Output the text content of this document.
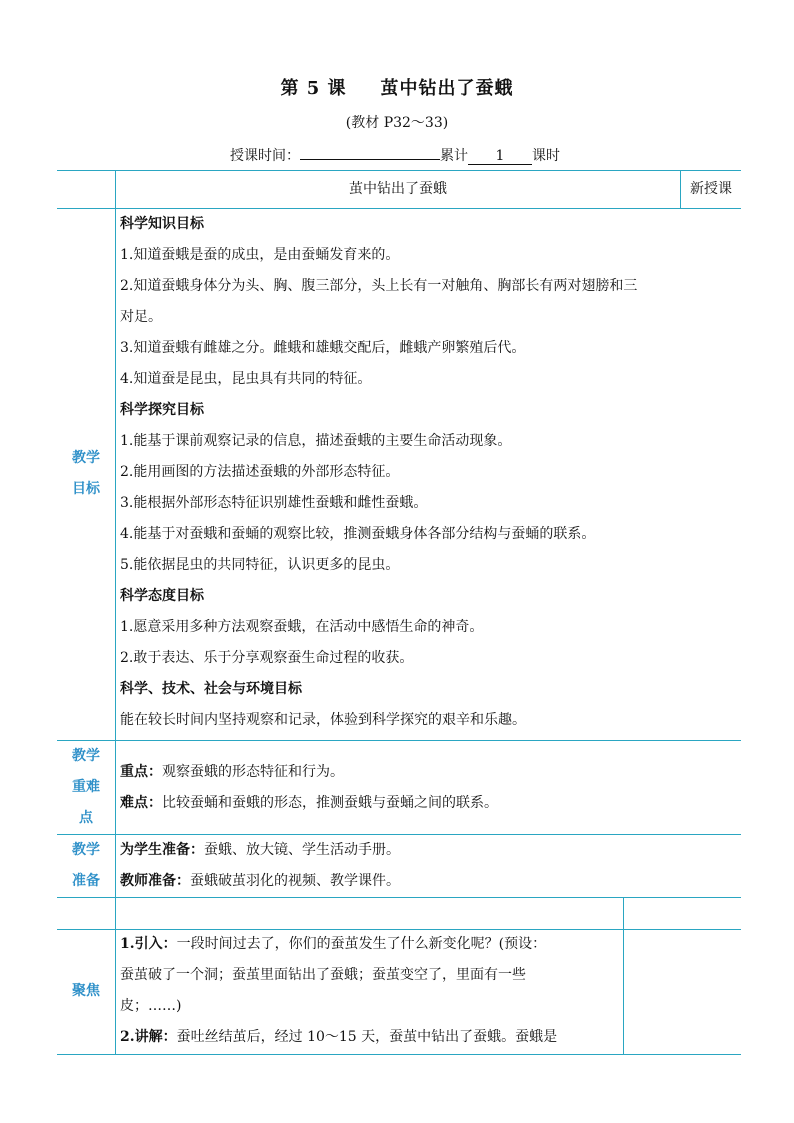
第 5 课 茧中钻出了蚕蛾
(教材 P32～33)
授课时间：	累计 1 课时
茧中钻出了蚕蛾	新授课
教学
目标
科学知识目标
1.知道蚕蛾是蚕的成虫，是由蚕蛹发育来的。
2.知道蚕蛾身体分为头、胸、腹三部分，头上长有一对触角、胸部长有两对翅膀和三
对足。
3.知道蚕蛾有雌雄之分。雌蛾和雄蛾交配后，雌蛾产卵繁殖后代。
4.知道蚕是昆虫，昆虫具有共同的特征。
科学探究目标
1.能基于课前观察记录的信息，描述蚕蛾的主要生命活动现象。
2.能用画图的方法描述蚕蛾的外部形态特征。
3.能根据外部形态特征识别雄性蚕蛾和雌性蚕蛾。
4.能基于对蚕蛾和蚕蛹的观察比较，推测蚕蛾身体各部分结构与蚕蛹的联系。
5.能依据昆虫的共同特征，认识更多的昆虫。
科学态度目标
1.愿意采用多种方法观察蚕蛾，在活动中感悟生命的神奇。
2.敢于表达、乐于分享观察蚕生命过程的收获。
科学、技术、社会与环境目标
能在较长时间内坚持观察和记录，体验到科学探究的艰辛和乐趣。
教学
重难
点
重点：观察蚕蛾的形态特征和行为。
难点：比较蚕蛹和蚕蛾的形态，推测蚕蛾与蚕蛹之间的联系。
教学
准备
为学生准备：蚕蛾、放大镜、学生活动手册。
教师准备：蚕蛾破茧羽化的视频、教学课件。
聚焦
1.引入：一段时间过去了，你们的蚕茧发生了什么新变化呢？(预设：
蚕茧破了一个洞；蚕茧里面钻出了蚕蛾；蚕茧变空了，里面有一些
皮；……)
2.讲解：蚕吐丝结茧后，经过 10～15 天，蚕茧中钻出了蚕蛾。蚕蛾是
